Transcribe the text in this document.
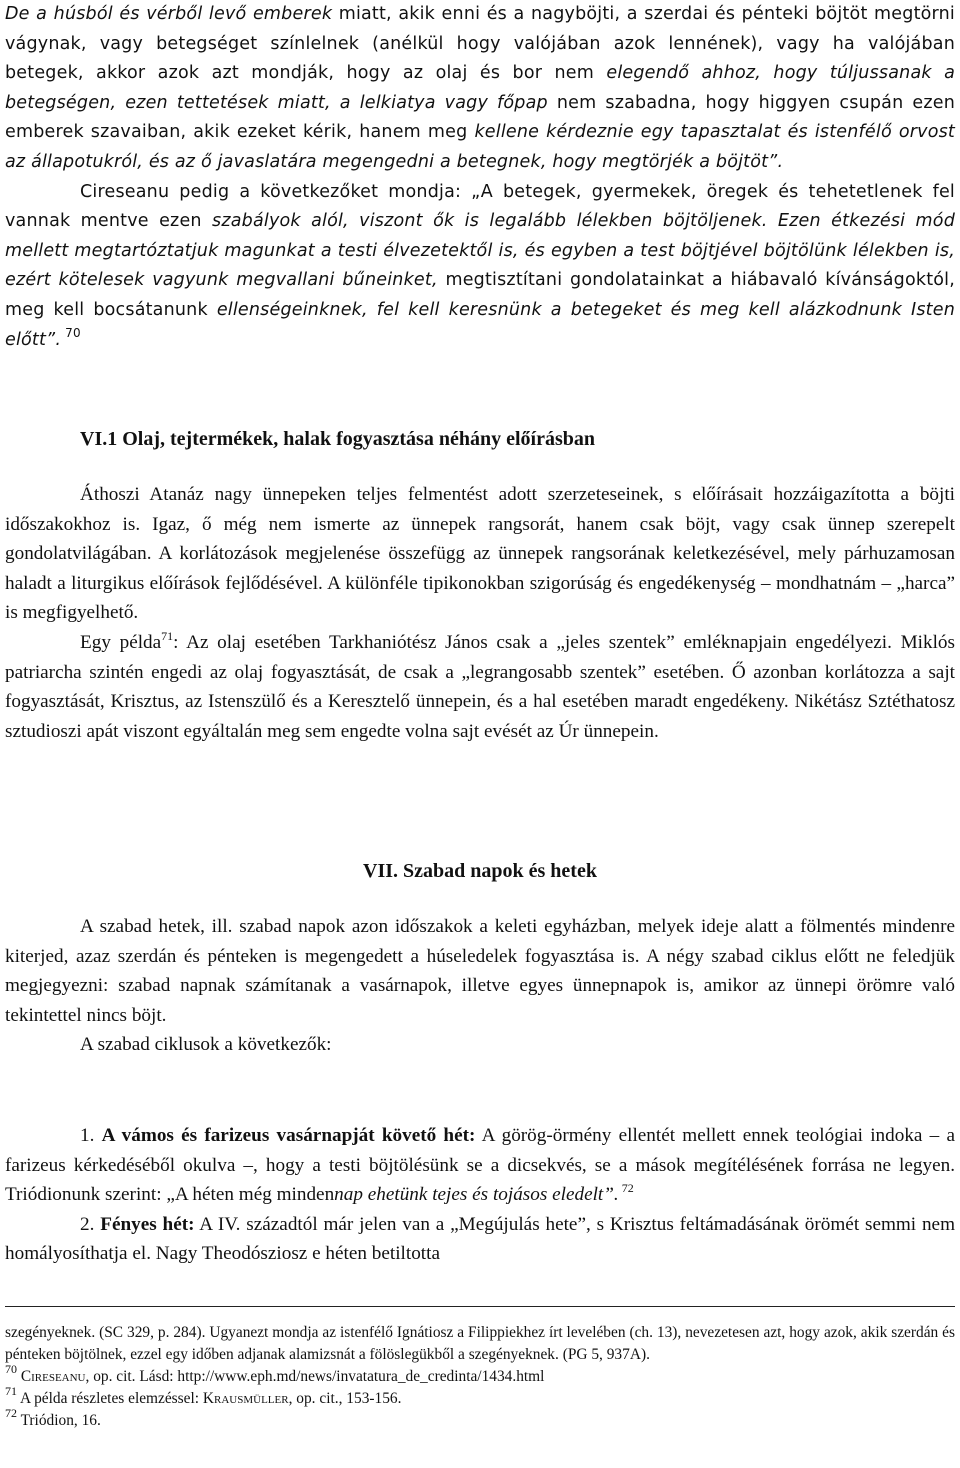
De a húsból és vérből levő emberek miatt, akik enni és a nagyböjti, a szerdai és pénteki böjtöt megtörni vágynak, vagy betegséget színlelnek (anélkül hogy valójában azok lennének), vagy ha valójában betegek, akkor azok azt mondják, hogy az olaj és bor nem elegendő ahhoz, hogy túljussanak a betegségen, ezen tettetések miatt, a lelkiatya vagy főpap nem szabadna, hogy higgyen csupán ezen emberek szavaiban, akik ezeket kérik, hanem meg kellene kérdeznie egy tapasztalat és istenfélő orvost az állapotukról, és az ő javaslatára megengedni a betegnek, hogy megtörjék a böjtöt”.

Cireseanu pedig a következőket mondja: „A betegek, gyermekek, öregek és tehetetlenek fel vannak mentve ezen szabályok alól, viszont ők is legalább lélekben böjtöljenek. Ezen étkezési mód mellett megtartóztatjuk magunkat a testi élvezetektől is, és egyben a test böjtjével böjtölünk lélekben is, ezért kötelesek vagyunk megvallani bűneinket, megtisztítani gondolatainkat a hiábavaló kívánságoktól, meg kell bocsátanunk ellenségeinknek, fel kell keresnünk a betegeket és meg kell alázkodnunk Isten előtt”. $^{70}$

VI.1 Olaj, tejtermékek, halak fogyasztása néhány előírásban

Áthoszi Atanáz nagy ünnepeken teljes felmentést adott szerzeteseinek, s előírásait hozzáigazította a böjti időszakokhoz is. Igaz, ő még nem ismerte az ünnepek rangsorát, hanem csak böjt, vagy csak ünnep szerepelt gondolatvilágában. A korlátozások megjelenése összefügg az ünnepek rangsorának keletkezésével, mely párhuzamosan haladt a liturgikus előírások fejlődésével. A különféle tipikonokban szigorúság és engedékenység – mondhatnám – „harca” is megfigyelhető.

Egy példa$^{71}$: Az olaj esetében Tarkhaniótész János csak a „jeles szentek” emléknapjain engedélyezi. Miklós patriarcha szintén engedi az olaj fogyasztását, de csak a „legrangosabb szentek” esetében. Ő azonban korlátozza a sajt fogyasztását, Krisztus, az Istenszülő és a Keresztelő ünnepein, és a hal esetében maradt engedékeny. Nikétász Sztéthatosz sztudioszi apát viszont egyáltalán meg sem engedte volna sajt evését az Úr ünnepein.

VII. Szabad napok és hetek

A szabad hetek, ill. szabad napok azon időszakok a keleti egyházban, melyek ideje alatt a fölmentés mindenre kiterjed, azaz szerdán és pénteken is megengedett a húseledelek fogyasztása is. A négy szabad ciklus előtt ne feledjük megjegyezni: szabad napnak számítanak a vasárnapok, illetve egyes ünnepnapok is, amikor az ünnepi örömre való tekintettel nincs böjt.

A szabad ciklusok a következők:

1. A vámos és farizeus vasárnapját követő hét: A görög-örmény ellentét mellett ennek teológiai indoka – a farizeus kérkedéséből okulva –, hogy a testi böjtölésünk se a dicsekvés, se a mások megítélésének forrása ne legyen. Triódionunk szerint: „A héten még mindennap ehetünk tejes és tojásos eledelt”. $^{72}$

2. Fényes hét: A IV. századtól már jelen van a „Megújulás hete”, s Krisztus feltámadásának örömét semmi nem homályosíthatja el. Nagy Theodósziosz e héten betiltotta

szegényeknek. (SC 329, p. 284). Ugyanezt mondja az istenfélő Ignátiosz a Filippiekhez írt levelében (ch. 13), nevezetesen azt, hogy azok, akik szerdán és pénteken böjtölnek, ezzel egy időben adjanak alamizsnát a fölöslegükből a szegényeknek. (PG 5, 937A).

$^{70}$ Cireseanu, op. cit. Lásd: http://www.eph.md/news/invatatura_de_credinta/1434.html

$^{71}$ A példa részletes elemzéssel: Krausmüller, op. cit., 153-156.

$^{72}$ Triódion, 16.
